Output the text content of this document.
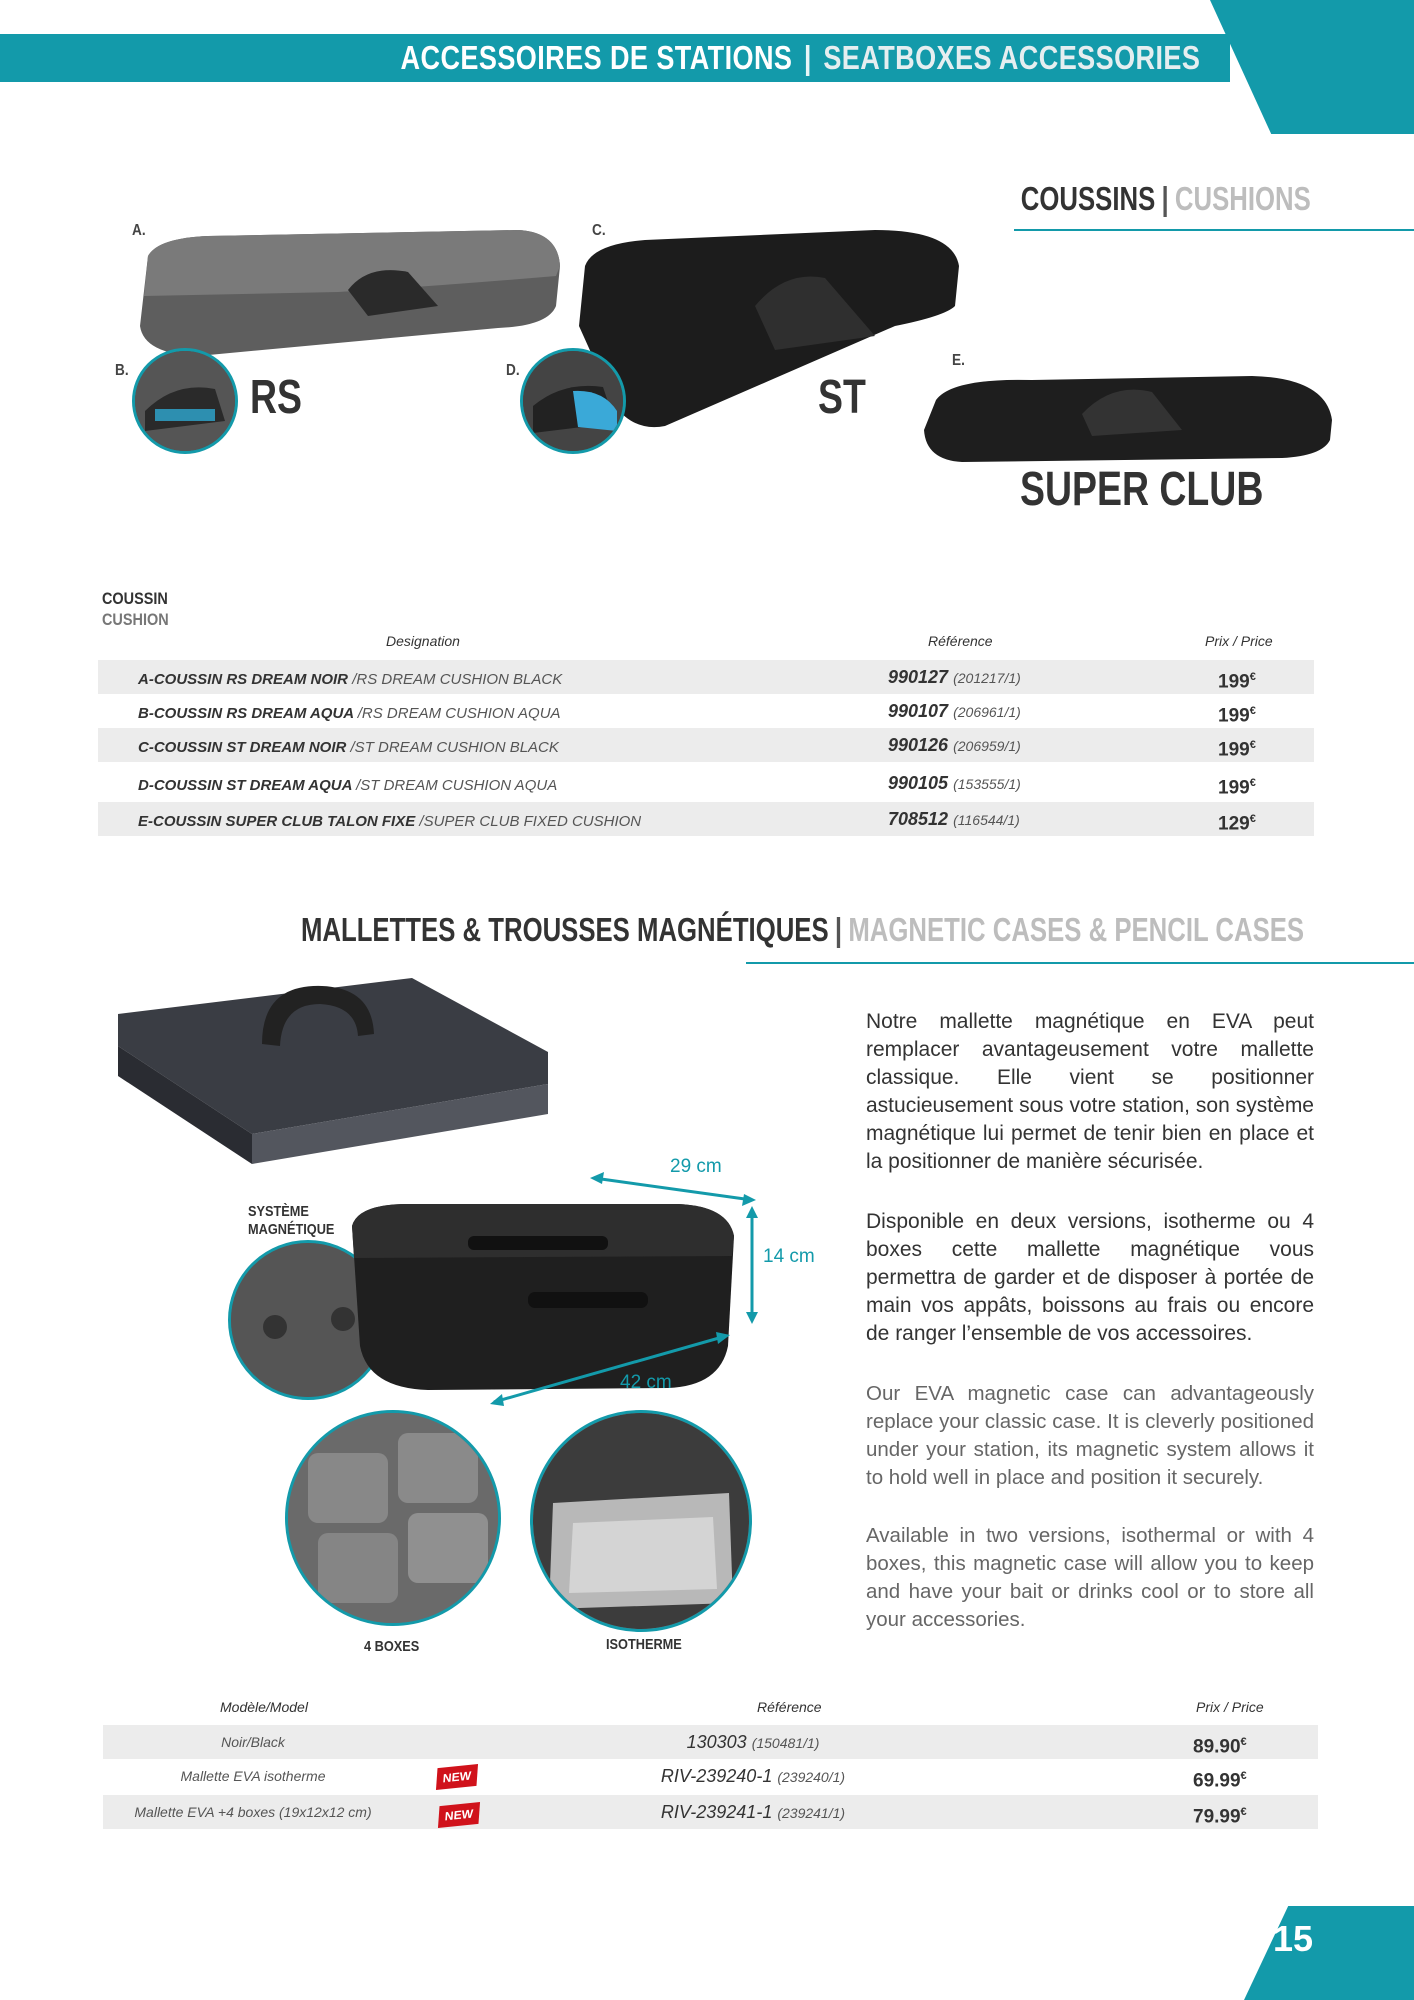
ACCESSOIRES DE STATIONS | SEATBOXES ACCESSORIES
COUSSINS | CUSHIONS
A.	C.
B.
RS
D.
ST
E.
SUPER CLUB
COUSSIN
CUSHION
Designation	Référence	Prix / Price
A-COUSSIN RS DREAM NOIR /RS DREAM CUSHION BLACK	990127 (201217/1)	199€
B-COUSSIN RS DREAM AQUA /RS DREAM CUSHION AQUA	990107 (206961/1)	199€
C-COUSSIN ST DREAM NOIR /ST DREAM CUSHION BLACK	990126 (206959/1)	199€
D-COUSSIN ST DREAM AQUA /ST DREAM CUSHION AQUA	990105 (153555/1)	199€
E-COUSSIN SUPER CLUB TALON FIXE /SUPER CLUB FIXED CUSHION	708512 (116544/1)	129€
MALLETTES & TROUSSES MAGNÉTIQUES | MAGNETIC CASES & PENCIL CASES
SYSTÈME
MAGNÉTIQUE
29 cm
14 cm
42 cm
4 BOXES	ISOTHERME
Notre mallette magnétique en EVA peut remplacer avantageusement votre mallette classique. Elle vient se positionner astucieusement sous votre station, son système magnétique lui permet de tenir bien en place et la positionner de manière sécurisée.
Disponible en deux versions, isotherme ou 4 boxes cette mallette magnétique vous permettra de garder et de disposer à portée de main vos appâts, boissons au frais ou encore de ranger l’ensemble de vos accessoires.
Our EVA magnetic case can advantageously replace your classic case. It is cleverly positioned under your station, its magnetic system allows it to hold well in place and position it securely.
Available in two versions, isothermal or with 4 boxes, this magnetic case will allow you to keep and have your bait or drinks cool or to store all your accessories.
Modèle/Model	Référence	Prix / Price
Noir/Black	130303 (150481/1)	89.90€
Mallette EVA isotherme	NEW	RIV-239240-1 (239240/1)	69.99€
Mallette EVA +4 boxes (19x12x12 cm)	NEW	RIV-239241-1 (239241/1)	79.99€
15
